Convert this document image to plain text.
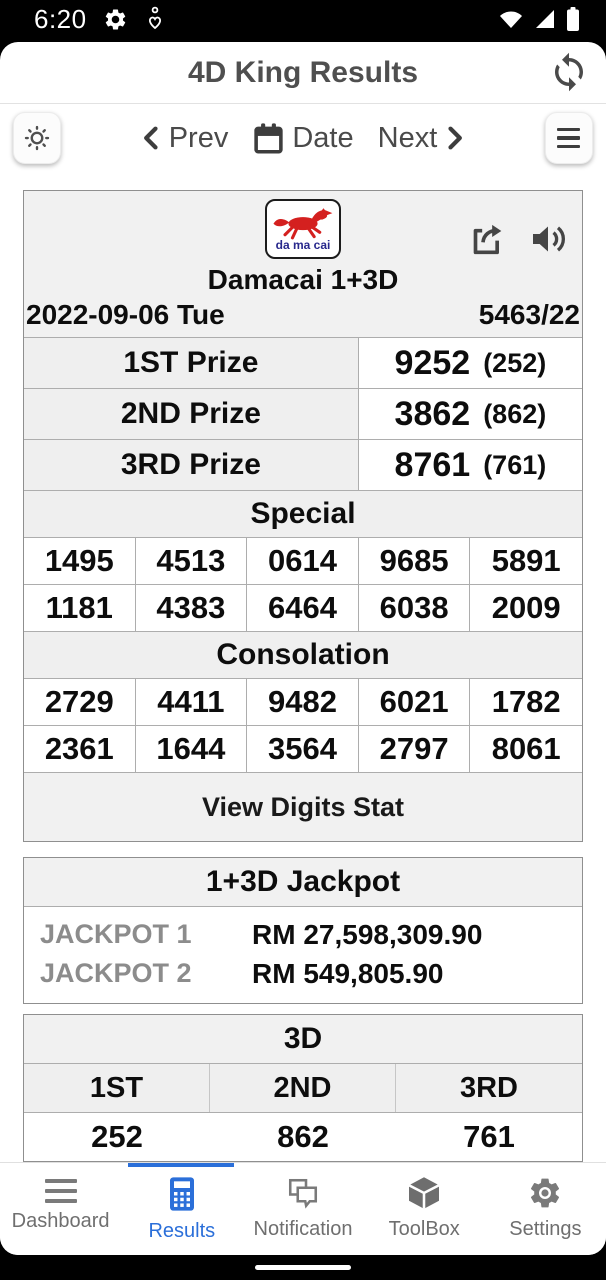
6:20
4D King Results
Prev Date Next
da ma cai
Damacai 1+3D
2022-09-06 Tue	5463/22
1ST Prize	9252 (252)
2ND Prize	3862 (862)
3RD Prize	8761 (761)
Special
1495	4513	0614	9685	5891
1181	4383	6464	6038	2009
Consolation
2729	4411	9482	6021	1782
2361	1644	3564	2797	8061
View Digits Stat
1+3D Jackpot
JACKPOT 1	RM 27,598,309.90
JACKPOT 2	RM 549,805.90
3D
1ST	2ND	3RD
252	862	761
Dashboard Results Notification ToolBox Settings
